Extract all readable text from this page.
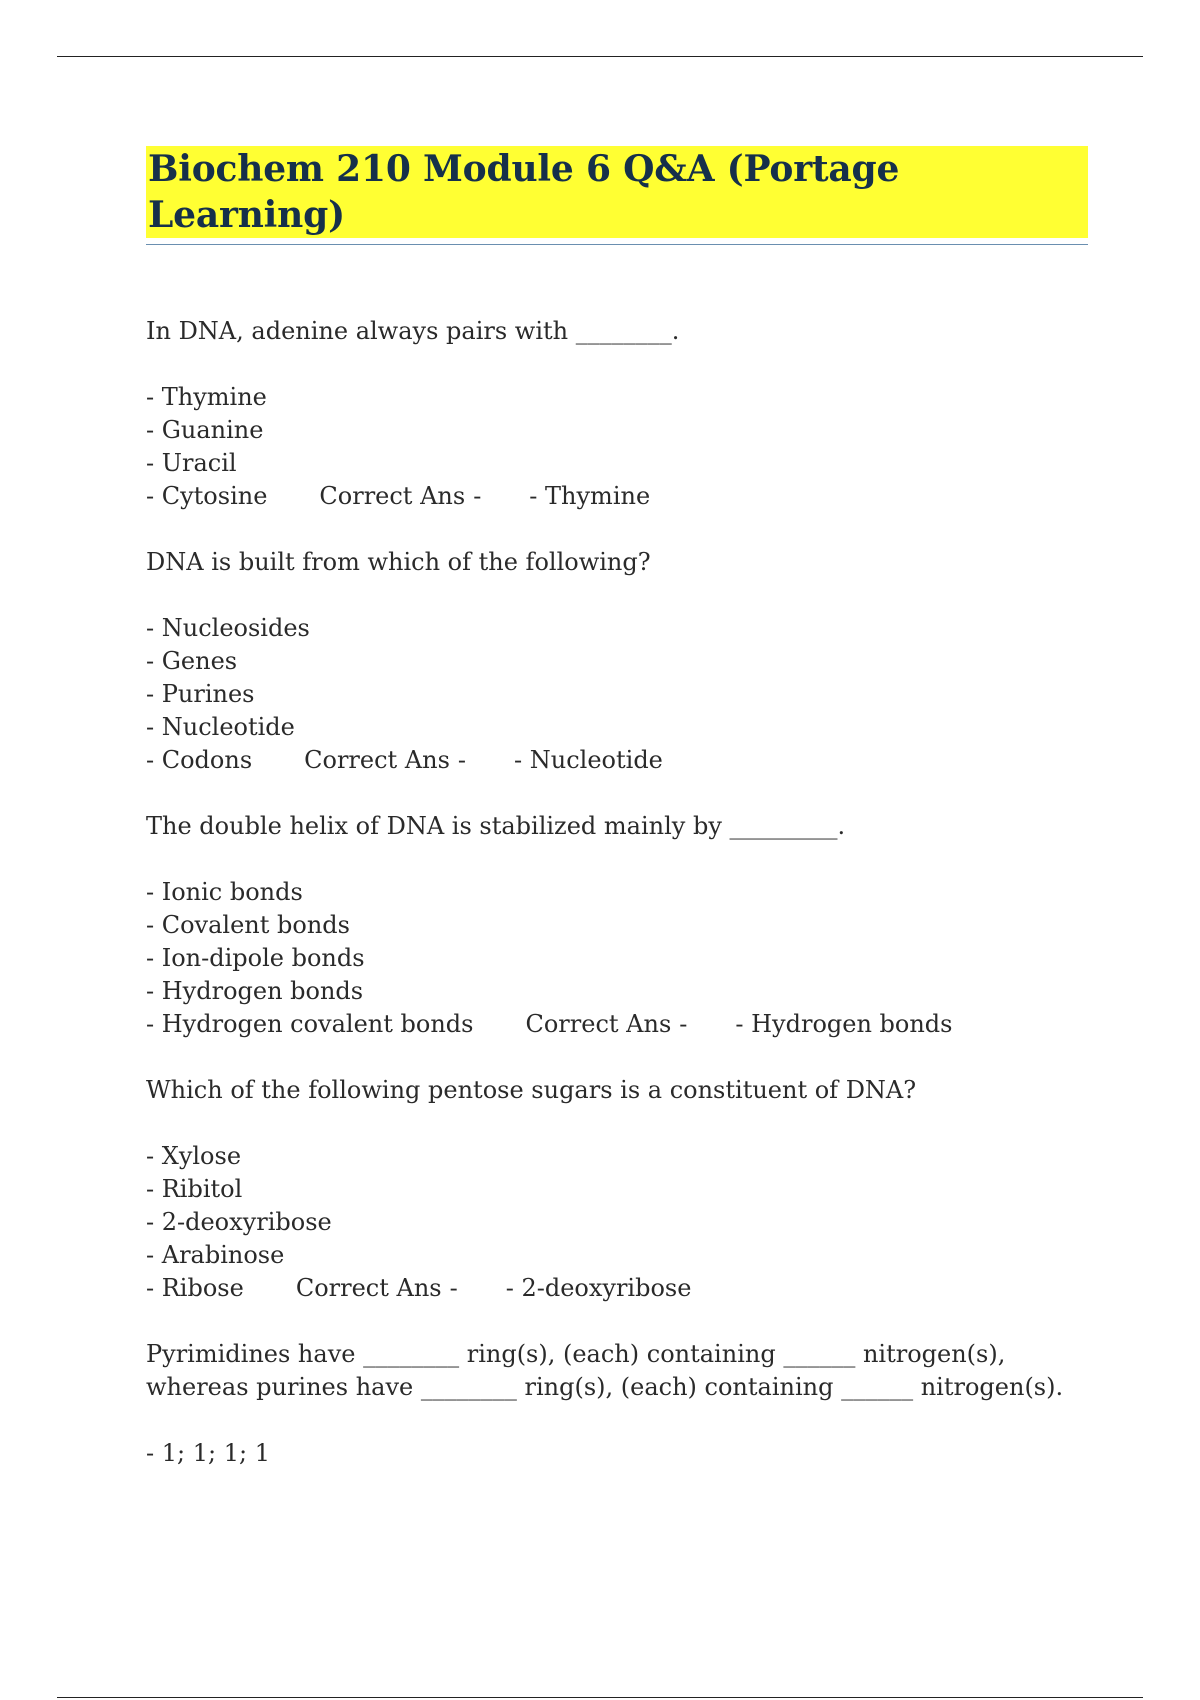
Biochem 210 Module 6 Q&A (Portage Learning)

In DNA, adenine always pairs with ________.

- Thymine
- Guanine
- Uracil
- Cytosine Correct Ans - - Thymine

DNA is built from which of the following?

- Nucleosides
- Genes
- Purines
- Nucleotide
- Codons Correct Ans - - Nucleotide

The double helix of DNA is stabilized mainly by _________.

- Ionic bonds
- Covalent bonds
- Ion-dipole bonds
- Hydrogen bonds
- Hydrogen covalent bonds Correct Ans - - Hydrogen bonds

Which of the following pentose sugars is a constituent of DNA?

- Xylose
- Ribitol
- 2-deoxyribose
- Arabinose
- Ribose Correct Ans - - 2-deoxyribose

Pyrimidines have ________ ring(s), (each) containing ______ nitrogen(s), whereas purines have ________ ring(s), (each) containing ______ nitrogen(s).

- 1; 1; 1; 1
